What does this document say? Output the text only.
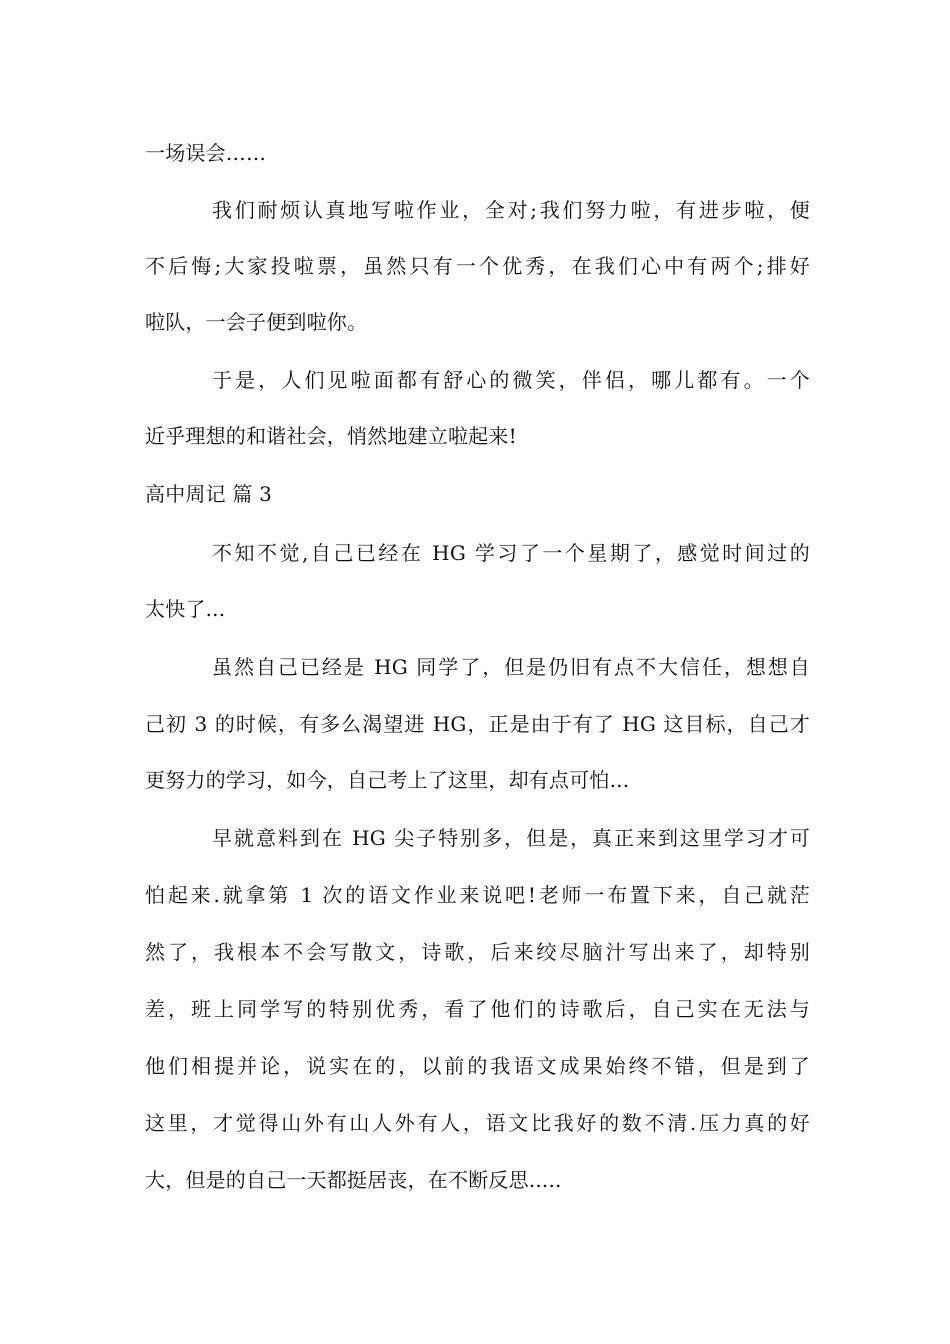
一场误会……
我们耐烦认真地写啦作业，全对;我们努力啦，有进步啦，便
不后悔;大家投啦票，虽然只有一个优秀，在我们心中有两个;排好
啦队，一会子便到啦你。
于是，人们见啦面都有舒心的微笑，伴侣，哪儿都有。一个
近乎理想的和谐社会，悄然地建立啦起来!
高中周记 篇 3
不知不觉,自己已经在 HG 学习了一个星期了，感觉时间过的
太快了...
虽然自己已经是 HG 同学了，但是仍旧有点不大信任，想想自
己初 3 的时候，有多么渴望进 HG，正是由于有了 HG 这目标，自己才
更努力的学习，如今，自己考上了这里，却有点可怕...
早就意料到在 HG 尖子特别多，但是，真正来到这里学习才可
怕起来.就拿第 1 次的语文作业来说吧!老师一布置下来，自己就茫
然了，我根本不会写散文，诗歌，后来绞尽脑汁写出来了，却特别
差，班上同学写的特别优秀，看了他们的诗歌后，自己实在无法与
他们相提并论，说实在的，以前的我语文成果始终不错，但是到了
这里，才觉得山外有山人外有人，语文比我好的数不清.压力真的好
大，但是的自己一天都挺居丧，在不断反思.....
